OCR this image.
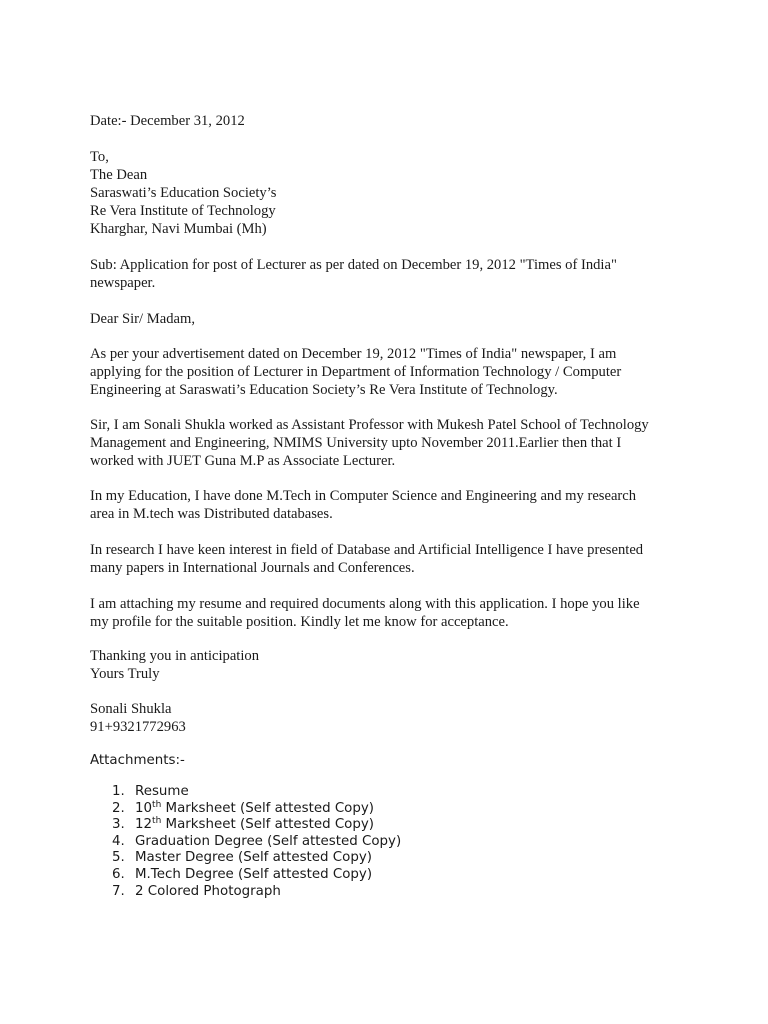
Date:- December 31, 2012
To,
The Dean
Saraswati’s Education Society’s
Re Vera Institute of Technology
Kharghar, Navi Mumbai (Mh)
Sub: Application for post of Lecturer as per dated on December 19, 2012 "Times of India"
newspaper.
Dear Sir/ Madam,
As per your advertisement dated on December 19, 2012 "Times of India" newspaper, I am
applying for the position of Lecturer in Department of Information Technology / Computer
Engineering at Saraswati’s Education Society’s Re Vera Institute of Technology.
Sir, I am Sonali Shukla worked as Assistant Professor with Mukesh Patel School of Technology
Management and Engineering, NMIMS University upto November 2011.Earlier then that I
worked with JUET Guna M.P as Associate Lecturer.
In my Education, I have done M.Tech in Computer Science and Engineering and my research
area in M.tech was Distributed databases.
In research I have keen interest in field of Database and Artificial Intelligence I have presented
many papers in International Journals and Conferences.
I am attaching my resume and required documents along with this application. I hope you like
my profile for the suitable position. Kindly let me know for acceptance.
Thanking you in anticipation
Yours Truly
Sonali Shukla
91+9321772963
Attachments:-
1. Resume
2. 10th Marksheet (Self attested Copy)
3. 12th Marksheet (Self attested Copy)
4. Graduation Degree (Self attested Copy)
5. Master Degree (Self attested Copy)
6. M.Tech Degree (Self attested Copy)
7. 2 Colored Photograph
